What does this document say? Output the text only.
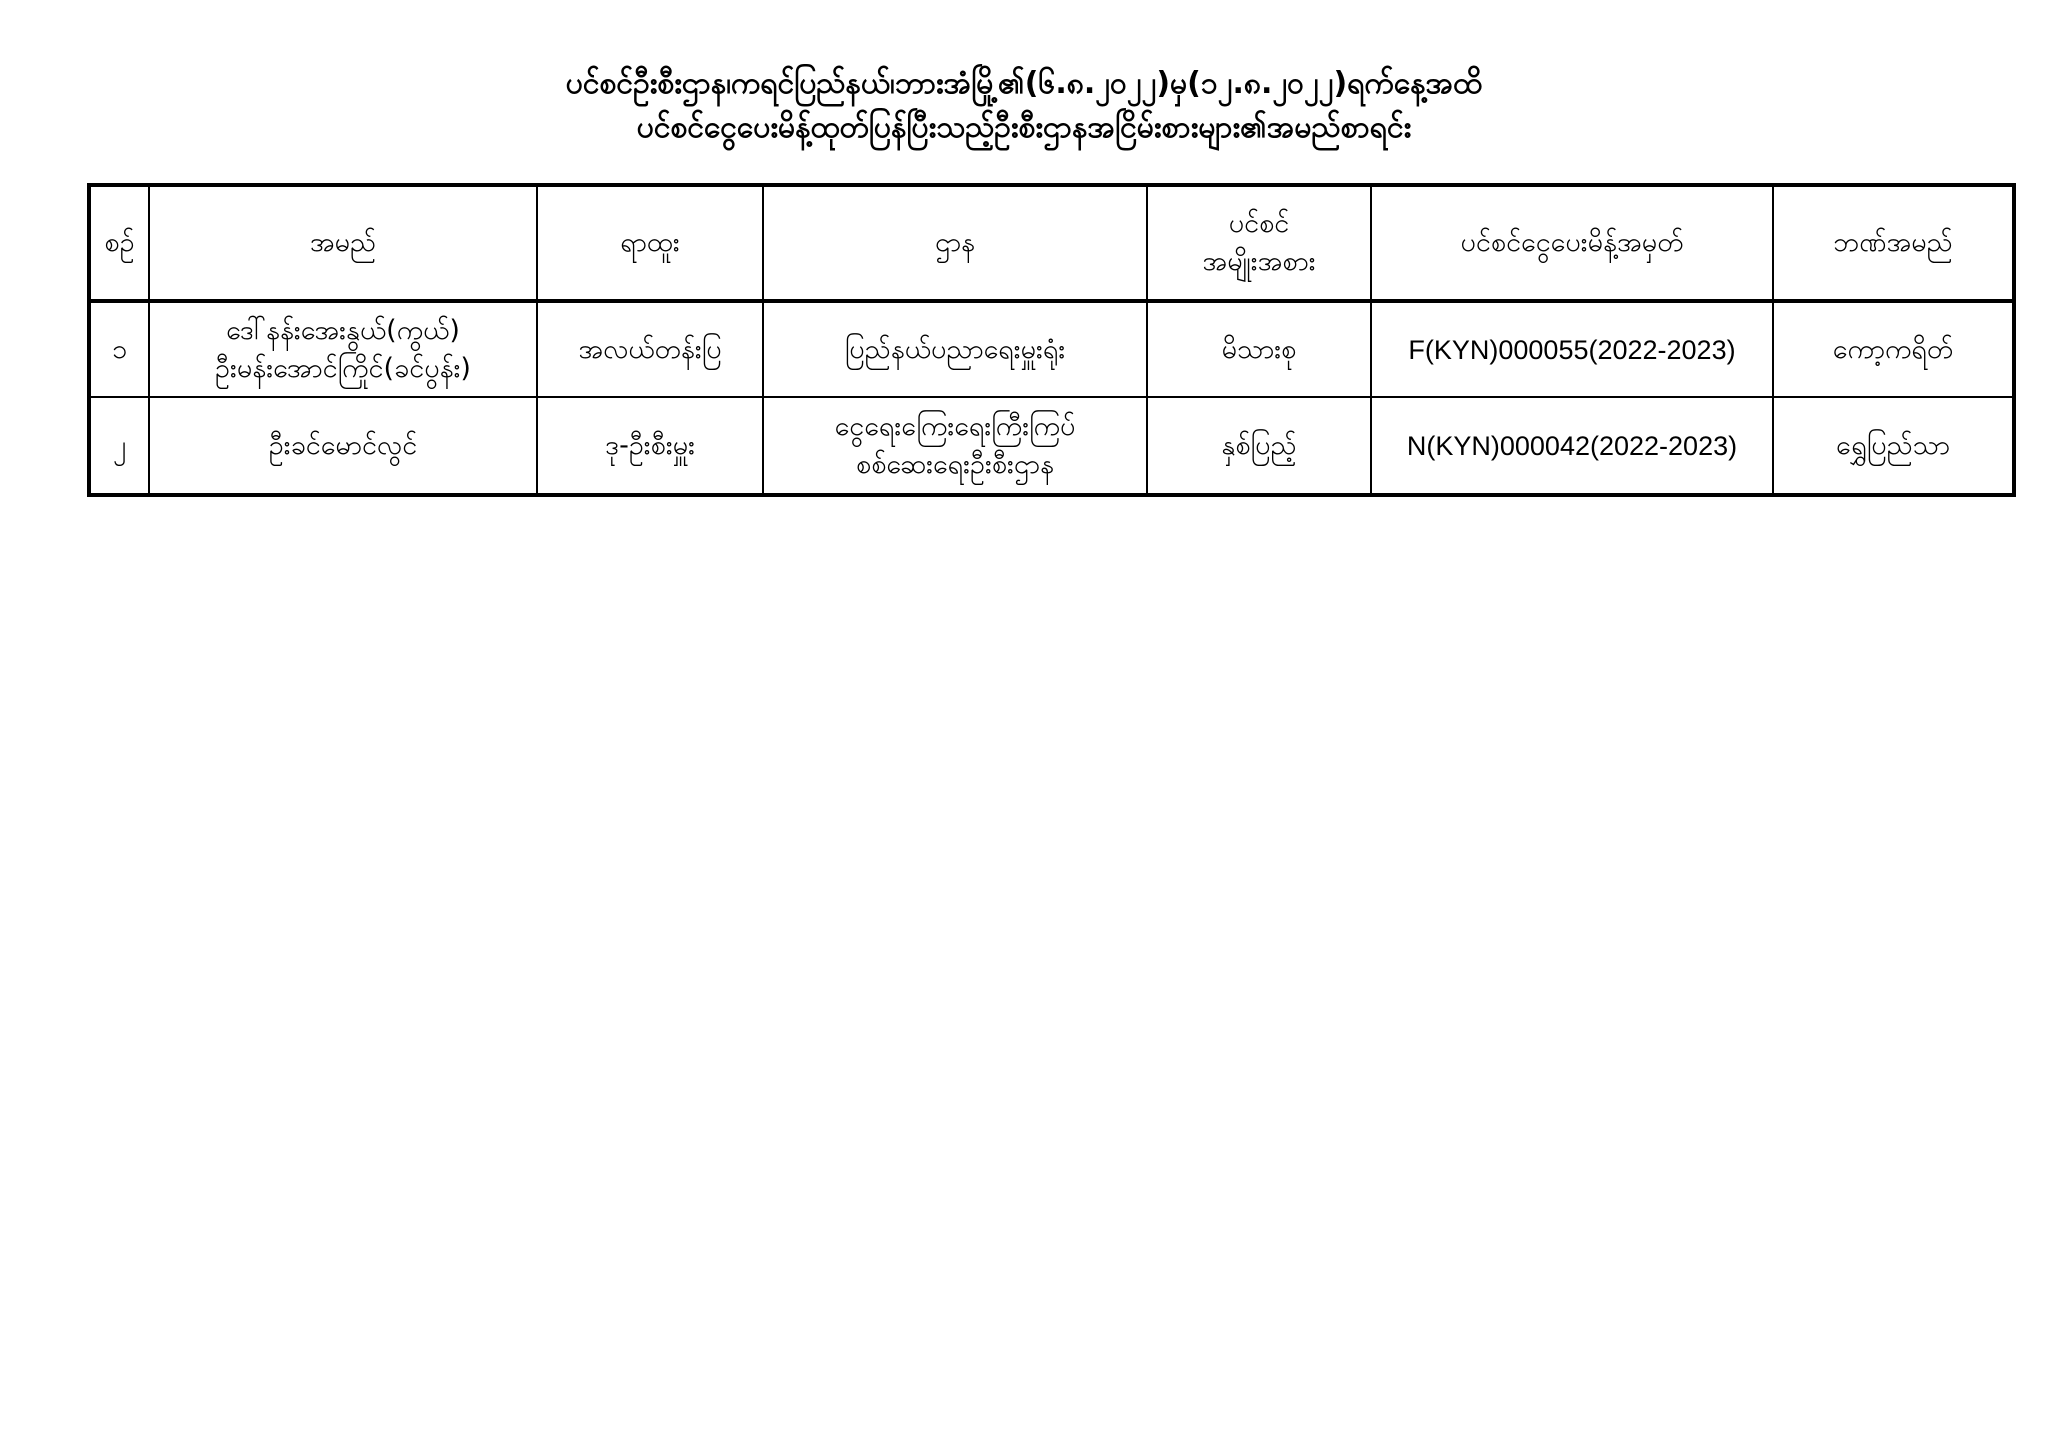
ပင်စင်ဦးစီးဌာန၊ကရင်ပြည်နယ်၊ဘားအံမြို့၏(၆.၈.၂၀၂၂)မှ(၁၂.၈.၂၀၂၂)ရက်နေ့အထိ
ပင်စင်ငွေပေးမိန့်ထုတ်ပြန်ပြီးသည့်ဦးစီးဌာနအငြိမ်းစားများ၏အမည်စာရင်း
စဉ်	အမည်	ရာထူး	ဌာန	ပင်စင်
အမျိုးအစား	ပင်စင်ငွေပေးမိန့်အမှတ်	ဘဏ်အမည်
၁	ဒေါ်နန်းအေးနွယ်(ကွယ်)
ဦးမန်းအောင်ကြိုင်(ခင်ပွန်း)	အလယ်တန်းပြ	ပြည်နယ်ပညာရေးမှူးရုံး	မိသားစု	F(KYN)000055(2022-2023)	ကော့ကရိတ်
၂	ဦးခင်မောင်လွင်	ဒု-ဦးစီးမှူး	ငွေရေးကြေးရေးကြီးကြပ်
စစ်ဆေးရေးဦးစီးဌာန	နှစ်ပြည့်	N(KYN)000042(2022-2023)	ရွှေပြည်သာ
